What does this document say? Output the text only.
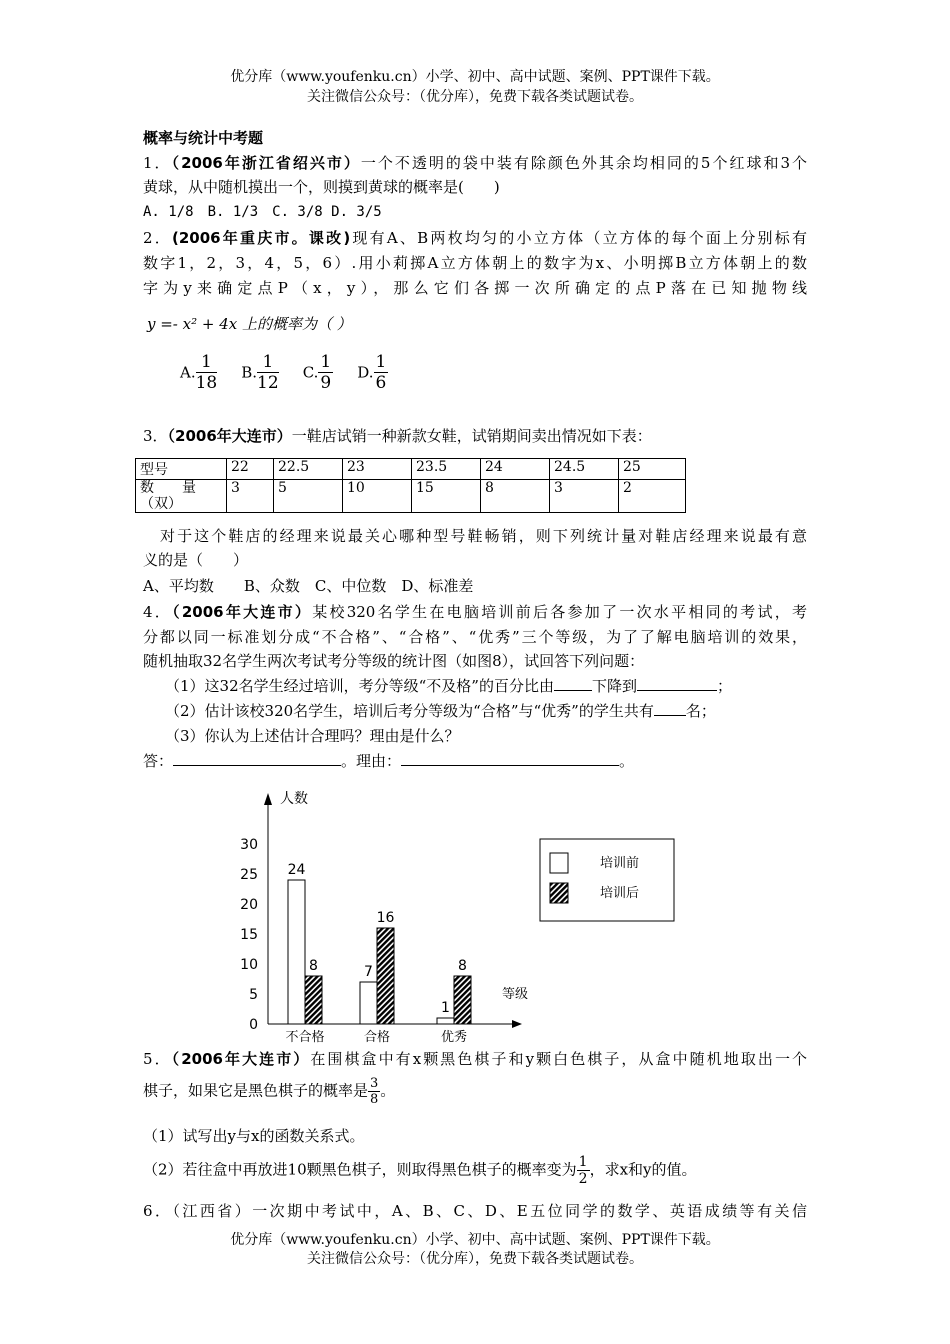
优分库（www.youfenku.cn）小学、初中、高中试题、案例、PPT课件下载。
关注微信公众号：（优分库），免费下载各类试题试卷。
概率与统计中考题
1．（2006年浙江省绍兴市）一个不透明的袋中装有除颜色外其余均相同的5个红球和3个
黄球，从中随机摸出一个，则摸到黄球的概率是(　　)
A. 1/8　B. 1/3　C. 3/8 D. 3/5
2．(2006年重庆市。课改)现有A、B两枚均匀的小立方体（立方体的每个面上分别标有
数字1，2，3，4，5，6）.用小莉掷A立方体朝上的数字为x、小明掷B立方体朝上的数
字为y来确定点P（x，y），那么它们各掷一次所确定的点P落在已知抛物线
y =- x² + 4x 上的概率为（ ）
A. $\frac{1}{18} B$. $\frac{1}{12} C$. $\frac{1}{9} D$. $\frac{1}{6}$
3．（2006年大连市）一鞋店试销一种新款女鞋，试销期间卖出情况如下表：
型号	22	22.5	23	23.5	24	24.5	25
数　　量
（双）	3	5	10	15	8	3	2
对于这个鞋店的经理来说最关心哪种型号鞋畅销，则下列统计量对鞋店经理来说最有意
义的是（　　）
A、平均数　　B、众数　C、中位数　D、标准差
4．（2006年大连市）某校320名学生在电脑培训前后各参加了一次水平相同的考试，考
分都以同一标准划分成“不合格”、“合格”、“优秀”三个等级，为了了解电脑培训的效果，
随机抽取32名学生两次考试考分等级的统计图（如图8），试回答下列问题：
（1）这32名学生经过培训，考分等级“不及格”的百分比由	下降到	；
（2）估计该校320名学生，培训后考分等级为“合格”与“优秀”的学生共有 名；
（3）你认为上述估计合理吗？理由是什么？
答：	。理由：	。
人数
等级
0
5
10
15
20
25
30
24
8
不合格
7
16
合格
1
8
优秀
培训前
培训后
5．（2006年大连市）在围棋盒中有x颗黑色棋子和y颗白色棋子，从盒中随机地取出一个
棋子，如果它是黑色棋子的概率是 $\frac{3}{8}$ 。
（1）试写出y与x的函数关系式。
（2）若往盒中再放进10颗黑色棋子，则取得黑色棋子的概率变为 $\frac{1}{2}$ ，求x和y的值。
6．（江西省）一次期中考试中，A、B、C、D、E五位同学的数学、英语成绩等有关信
优分库（www.youfenku.cn）小学、初中、高中试题、案例、PPT课件下载。
关注微信公众号：（优分库），免费下载各类试题试卷。
